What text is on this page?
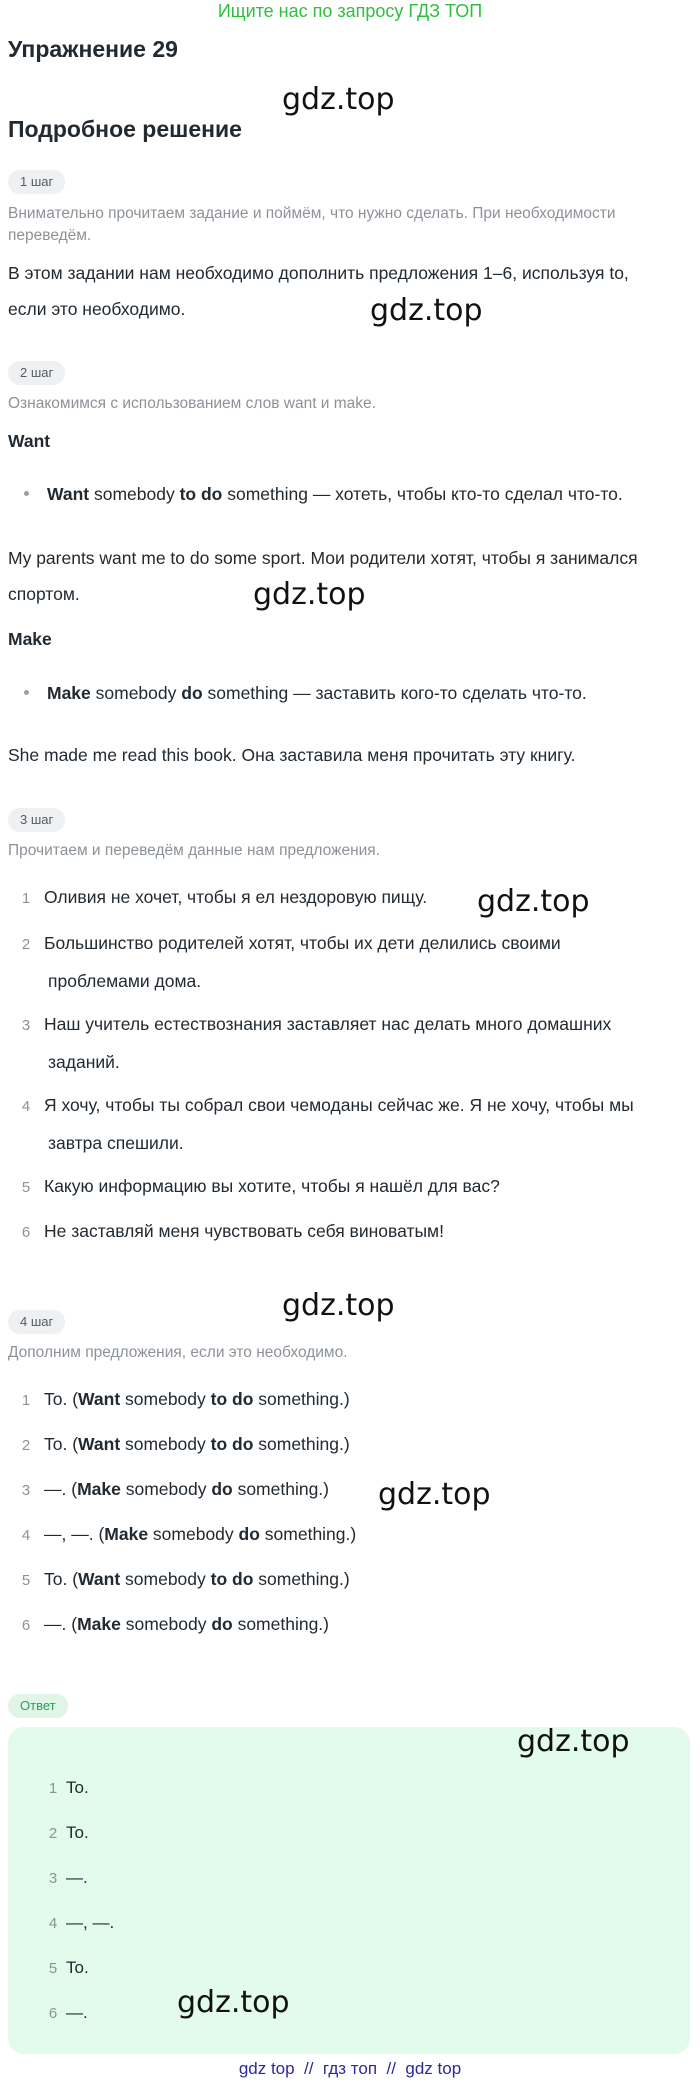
Ищите нас по запросу ГДЗ ТОП
Упражнение 29
gdz.top
Подробное решение
1 шаг
Внимательно прочитаем задание и поймём, что нужно сделать. При необходимости
переведём.
В этом задании нам необходимо дополнить предложения 1–6, используя to,
если это необходимо.	gdz.top
2 шаг
Ознакомимся с использованием слов want и make.
Want
Want somebody to do something — хотеть, чтобы кто-то сделал что-то.
My parents want me to do some sport. Мои родители хотят, чтобы я занимался
спортом.	gdz.top
Make
Make somebody do something — заставить кого-то сделать что-то.
She made me read this book. Она заставила меня прочитать эту книгу.
3 шаг
Прочитаем и переведём данные нам предложения.
1 Оливия не хочет, чтобы я ел нездоровую пищу. gdz.top
2 Большинство родителей хотят, чтобы их дети делились своими
проблемами дома.
3 Наш учитель естествознания заставляет нас делать много домашних
заданий.
4 Я хочу, чтобы ты собрал свои чемоданы сейчас же. Я не хочу, чтобы мы
завтра спешили.
5 Какую информацию вы хотите, чтобы я нашёл для вас?
6 Не заставляй меня чувствовать себя виноватым!
gdz.top
4 шаг
Дополним предложения, если это необходимо.
1 To. (Want somebody to do something.)
2 To. (Want somebody to do something.)
3 —. (Make somebody do something.) gdz.top
4 —, —. (Make somebody do something.)
5 To. (Want somebody to do something.)
6 —. (Make somebody do something.)
Ответ
gdz.top
1 To.
2 To.
3 —.
4 —, —.
5 To.
6 —.	gdz.top
gdz top  //  гдз топ  //  gdz top
